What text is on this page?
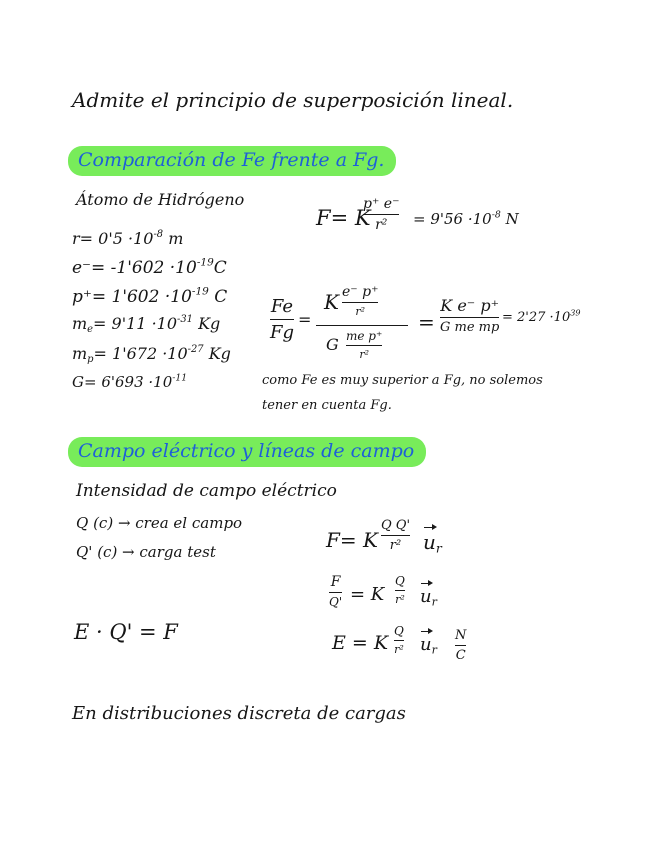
Admite el principio de superposición lineal.
Comparación de Fe frente a Fg.
Átomo de Hidrógeno
$r= 0'5 \cdot 10^{-8}$ m
$e^-= -1'602 \cdot 10^{-19}C$
$p^+= 1'602 \cdot 10^{-19}$ C
$m_e= 9'11 \cdot 10^{-31}$ Kg
$m_p= 1'672 \cdot 10^{-27}$ Kg
$G= 6'693 \cdot 10^{-11}$
F= K
p⁺ e⁻
$r^2 = 9'56 \cdot 10^{-8}$ N
Fe
Fg
=
K e⁻ p⁺
r²
G me p⁺
r²
=
K e⁻ p⁺
G me mp
= $2'27 \cdot 10^{39}$
como Fe es muy superior a Fg, no solemos
tener en cuenta Fg.
Campo eléctrico y líneas de campo
Intensidad de campo eléctrico
Q (c) → crea el campo
Q' (c) → carga test
E · Q' = F
F= K
Q Q'
r² $u_r$
F
Q' = K
Q
r² $u_r$
E = K
Q
r² $u_r$
N
C
En distribuciones discreta de cargas
